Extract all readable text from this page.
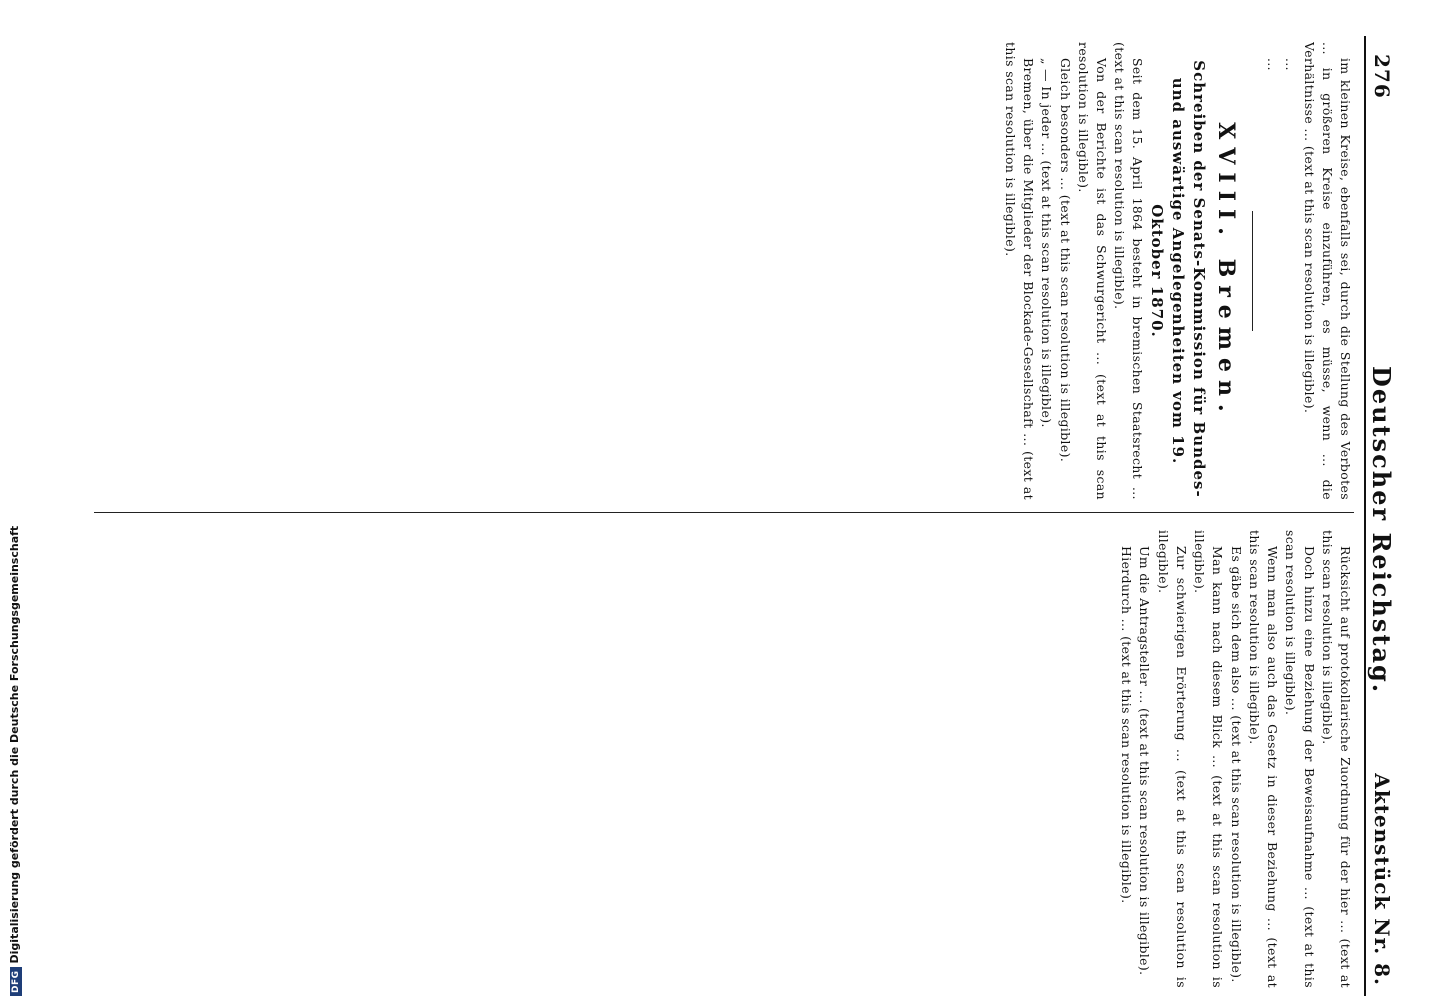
276
Deutscher Reichstag.
Aktenstück Nr. 8.

im kleinen Kreise, ebenfalls sei, durch die Stellung des Verbotes ... in größeren Kreise einzuführen, es müsse, wenn ... die Verhältnisse ... (text at this scan resolution is illegible).

...

...

XVIII. Bremen.

Schreiben der Senats-Kommission für Bundes- und auswärtige Angelegenheiten vom 19. Oktober 1870.

Seit dem 15. April 1864 besteht in bremischen Staatsrecht ... (text at this scan resolution is illegible).

Von der Berichte ist das Schwurgericht ... (text at this scan resolution is illegible).

Gleich besonders ... (text at this scan resolution is illegible).

„ — In jeder ... (text at this scan resolution is illegible).

Bremen, über die Mitglieder der Blockade-Gesellschaft ... (text at this scan resolution is illegible).

Rücksicht auf protokollarische Zuordnung für der hier ... (text at this scan resolution is illegible).

Doch hinzu eine Beziehung der Beweisaufnahme ... (text at this scan resolution is illegible).

Wenn man also auch das Gesetz in dieser Beziehung ... (text at this scan resolution is illegible).

Es gäbe sich dem also ... (text at this scan resolution is illegible).

Man kann nach diesem Blick ... (text at this scan resolution is illegible).

Zur schwierigen Erörterung ... (text at this scan resolution is illegible).

Um die Antragsteller ... (text at this scan resolution is illegible).

Hierdurch ... (text at this scan resolution is illegible).

DFGDigitalisierung gefördert durch die Deutsche Forschungsgemeinschaft
